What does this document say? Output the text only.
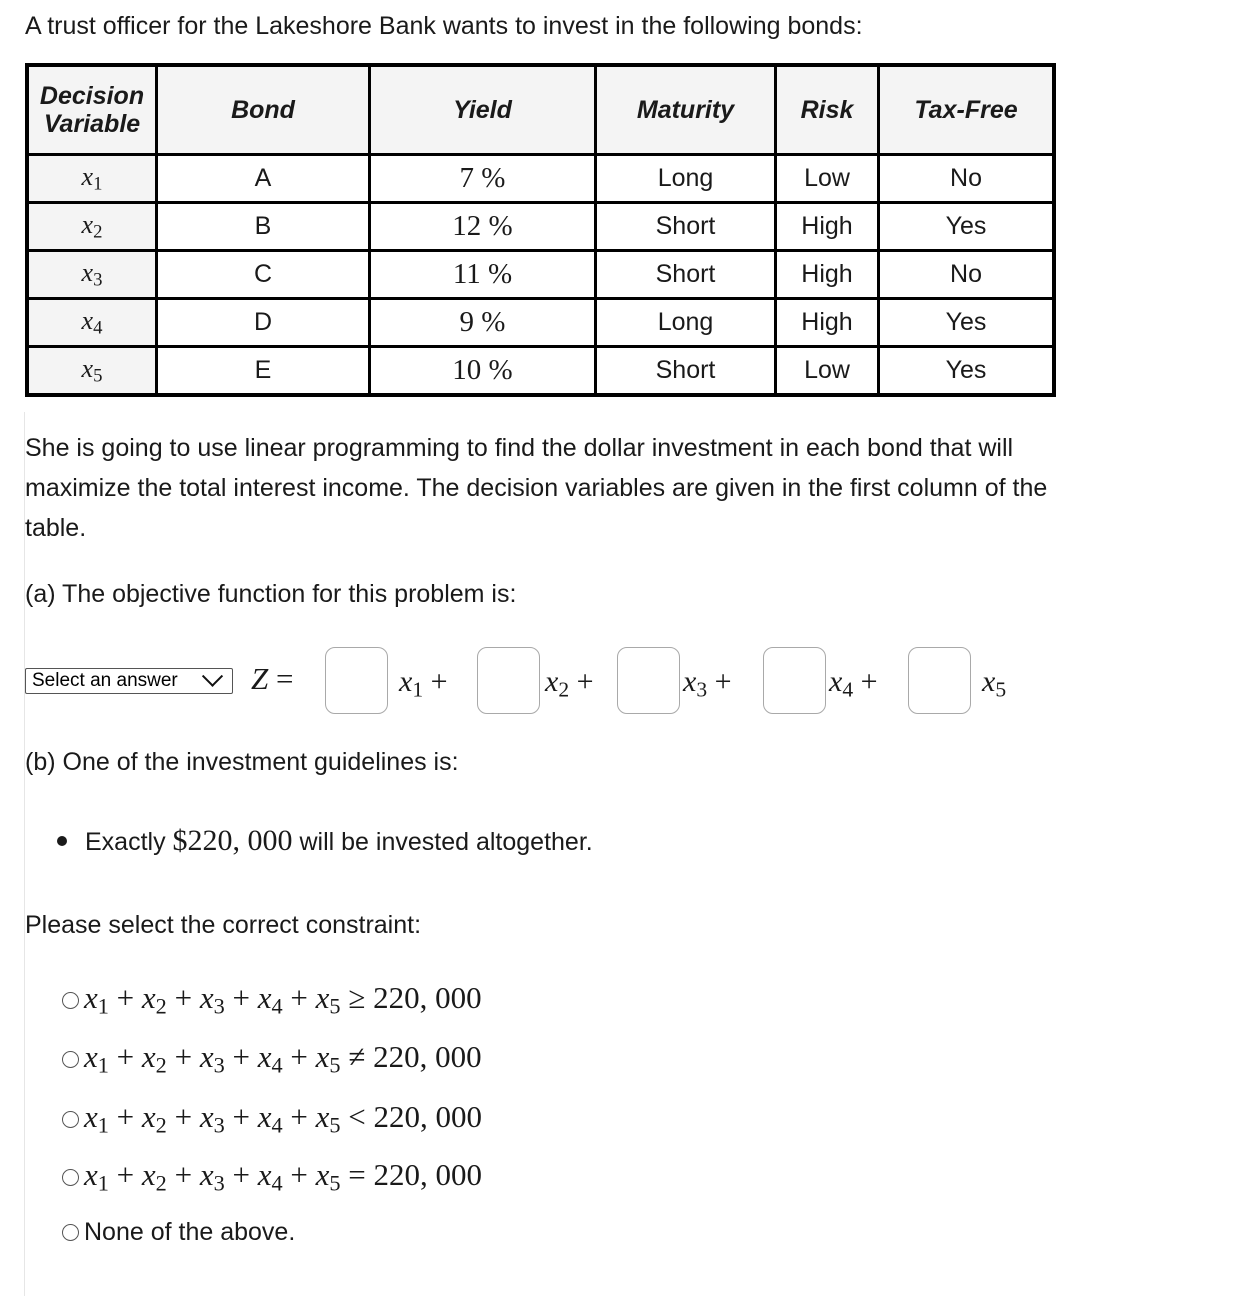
A trust officer for the Lakeshore Bank wants to invest in the following bonds:

Decision Variable	Bond	Yield	Maturity	Risk	Tax-Free
$x_1$	A	7 %	Long	Low	No
$x_2$	B	12 %	Short	High	Yes
$x_3$	C	11 %	Short	High	No
$x_4$	D	9 %	Long	High	Yes
$x_5$	E	10 %	Short	Low	Yes

She is going to use linear programming to find the dollar investment in each bond that will maximize the total interest income. The decision variables are given in the first column of the table.

(a) The objective function for this problem is:

Select an answer	Z =	$x_1$ +	$x_2$ +	$x_3$ +	$x_4$ +	$x_5$

(b) One of the investment guidelines is:

Exactly $220, 000 will be invested altogether.

Please select the correct constraint:

$x_1 + x_2 + x_3 + x_4 + x_5 \ge 220$, 000
$x_1 + x_2 + x_3 + x_4 + x_5 \ne 220$, 000
$x_1 + x_2 + x_3 + x_4 + x_5 < 220$, 000
$x_1 + x_2 + x_3 + x_4 + x_5 = 220$, 000
None of the above.
